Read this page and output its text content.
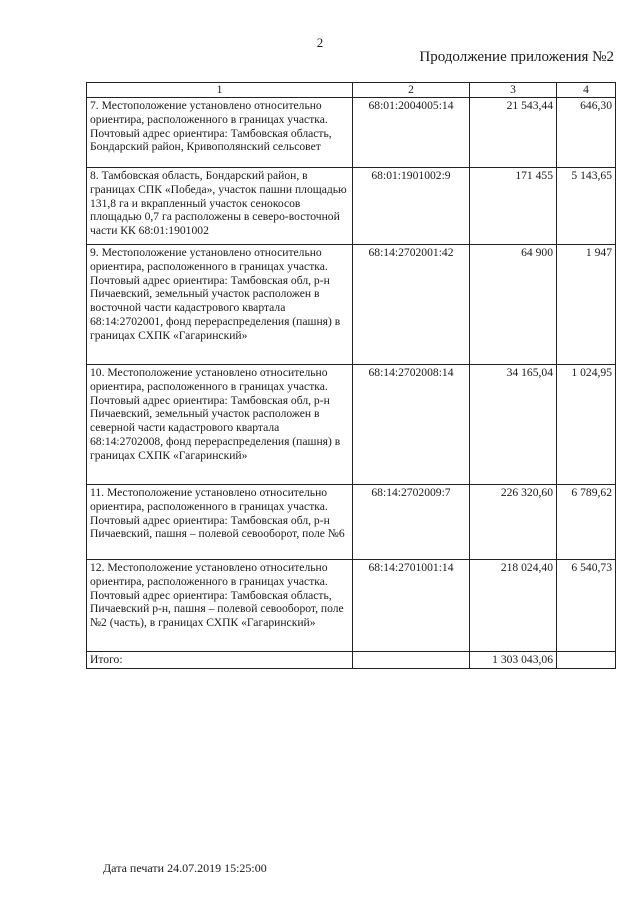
2
Продолжение приложения №2
1	2	3	4
7. Местоположение установлено относительно ориентира, расположенного в границах участка. Почтовый адрес ориентира: Тамбовская область, Бондарский район, Кривополянский сельсовет	68:01:2004005:14	21 543,44	646,30
8. Тамбовская область, Бондарский район, в границах СПК «Победа», участок пашни площадью 131,8 га и вкрапленный участок сенокосов площадью 0,7 га расположены в северо-восточной части КК 68:01:1901002	68:01:1901002:9	171 455	5 143,65
9. Местоположение установлено относительно ориентира, расположенного в границах участка. Почтовый адрес ориентира: Тамбовская обл, р-н Пичаевский, земельный участок расположен в восточной части кадастрового квартала 68:14:2702001, фонд перераспределения (пашня) в границах СХПК «Гагаринский»	68:14:2702001:42	64 900	1 947
10. Местоположение установлено относительно ориентира, расположенного в границах участка. Почтовый адрес ориентира: Тамбовская обл, р-н Пичаевский, земельный участок расположен в северной части кадастрового квартала 68:14:2702008, фонд перераспределения (пашня) в границах СХПК «Гагаринский»	68:14:2702008:14	34 165,04	1 024,95
11. Местоположение установлено относительно ориентира, расположенного в границах участка. Почтовый адрес ориентира: Тамбовская обл, р-н Пичаевский, пашня – полевой севооборот, поле №6	68:14:2702009:7	226 320,60	6 789,62
12. Местоположение установлено относительно ориентира, расположенного в границах участка. Почтовый адрес ориентира: Тамбовская область, Пичаевский р-н, пашня – полевой севооборот, поле №2 (часть), в границах СХПК «Гагаринский»	68:14:2701001:14	218 024,40	6 540,73
Итого:		1 303 043,06	
Дата печати 24.07.2019 15:25:00
